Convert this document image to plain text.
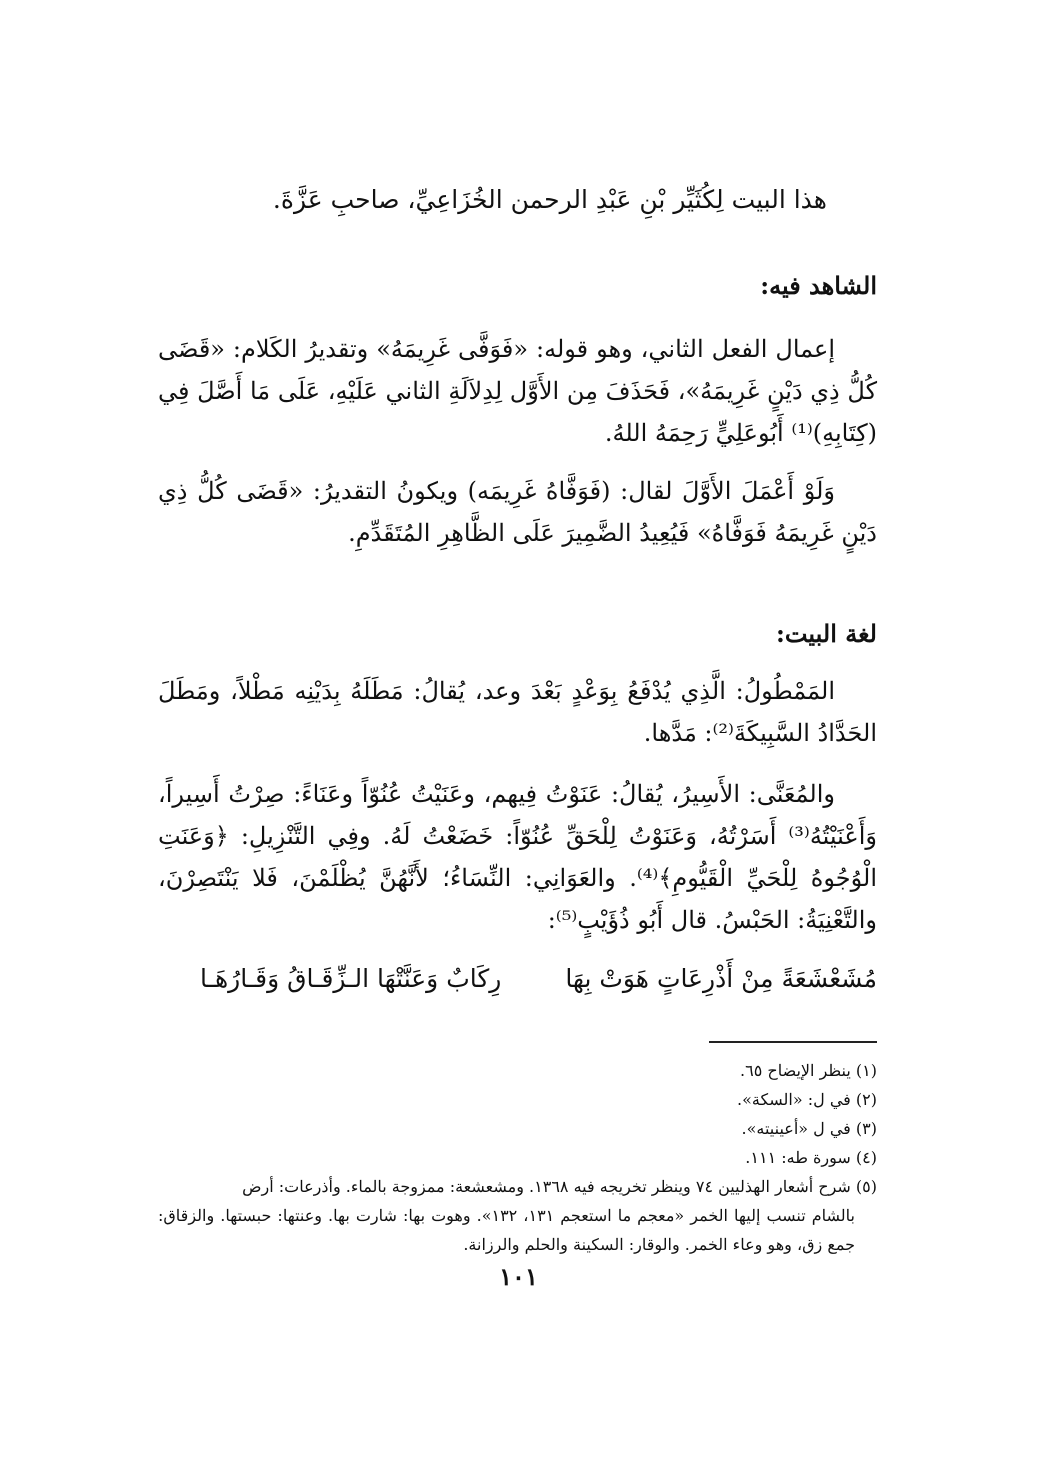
هذا البيت لِكُثَيِّر بْنِ عَبْدِ الرحمن الخُزَاعِيِّ، صاحبِ عَزَّةَ.
الشاهد فيه:
إعمال الفعل الثاني، وهو قوله: «فَوَفَّى غَرِيمَهُ» وتقديرُ الكَلام: «قَضَى كُلُّ ذِي دَيْنٍ غَرِيمَهُ»، فَحَذَفَ مِن الأَوَّل لِدِلاَلَةِ الثاني عَلَيْهِ، عَلَى مَا أَصَّلَ فِي (كِتَابِهِ)⁽¹⁾ أَبُوعَلِيٍّ رَحِمَهُ اللهُ.
وَلَوْ أَعْمَلَ الأَوَّلَ لقال: (فَوَفَّاهُ غَرِيمَه) ويكونُ التقديرُ: «قَضَى كُلُّ ذِي دَيْنٍ غَرِيمَهُ فَوَفَّاهُ» فَيُعِيدُ الضَّمِيرَ عَلَى الظَّاهِرِ المُتَقَدِّمِ.
لغة البيت:
المَمْطُولُ: الَّذِي يُدْفَعُ بِوَعْدٍ بَعْدَ وعد، يُقالُ: مَطَلَهُ بِدَيْنِه مَطْلاً، ومَطَلَ الحَدَّادُ السَّبِيكَةَ⁽²⁾: مَدَّها.
والمُعَنَّى: الأَسِيرُ، يُقالُ: عَنَوْتُ فِيهم، وعَنَيْتُ عُنُوّاً وعَنَاءً: صِرْتُ أَسِيراً، وَأَعْنَيْتُهُ⁽³⁾ أَسَرْتُهُ، وَعَنَوْتُ لِلْحَقِّ عُنُوّاً: خَضَعْتُ لَهُ. وفِي التَّنْزِيلِ: ﴿وَعَنَتِ الْوُجُوهُ لِلْحَيِّ الْقَيُّومِ﴾⁽⁴⁾. والعَوَانِي: النِّسَاءُ؛ لأَنَّهُنَّ يُظْلَمْنَ، فَلا يَنْتَصِرْنَ، والتَّعْنِيَةُ: الحَبْسُ. قال أَبُو ذُؤَيْبٍ⁽⁵⁾:
مُشَعْشَعَةً مِنْ أَذْرِعَاتٍ هَوَتْ بِهَا
رِكَابٌ وَعَنَّتْهَا الـزِّقَـاقُ وَقَـارُهَـا
(١) ينظر الإيضاح ٦٥.
(٢) في ل: «السكة».
(٣) في ل «أعينيته».
(٤) سورة طه: ١١١.
(٥) شرح أشعار الهذليين ٧٤ وينظر تخريجه فيه ١٣٦٨. ومشعشعة: ممزوجة بالماء. وأذرعات: أرض
بالشام تنسب إليها الخمر «معجم ما استعجم ١٣١، ١٣٢». وهوت بها: شارت بها. وعنتها: حبستها. والزقاق: جمع زق، وهو وعاء الخمر. والوقار: السكينة والحلم والرزانة.
١٠١
